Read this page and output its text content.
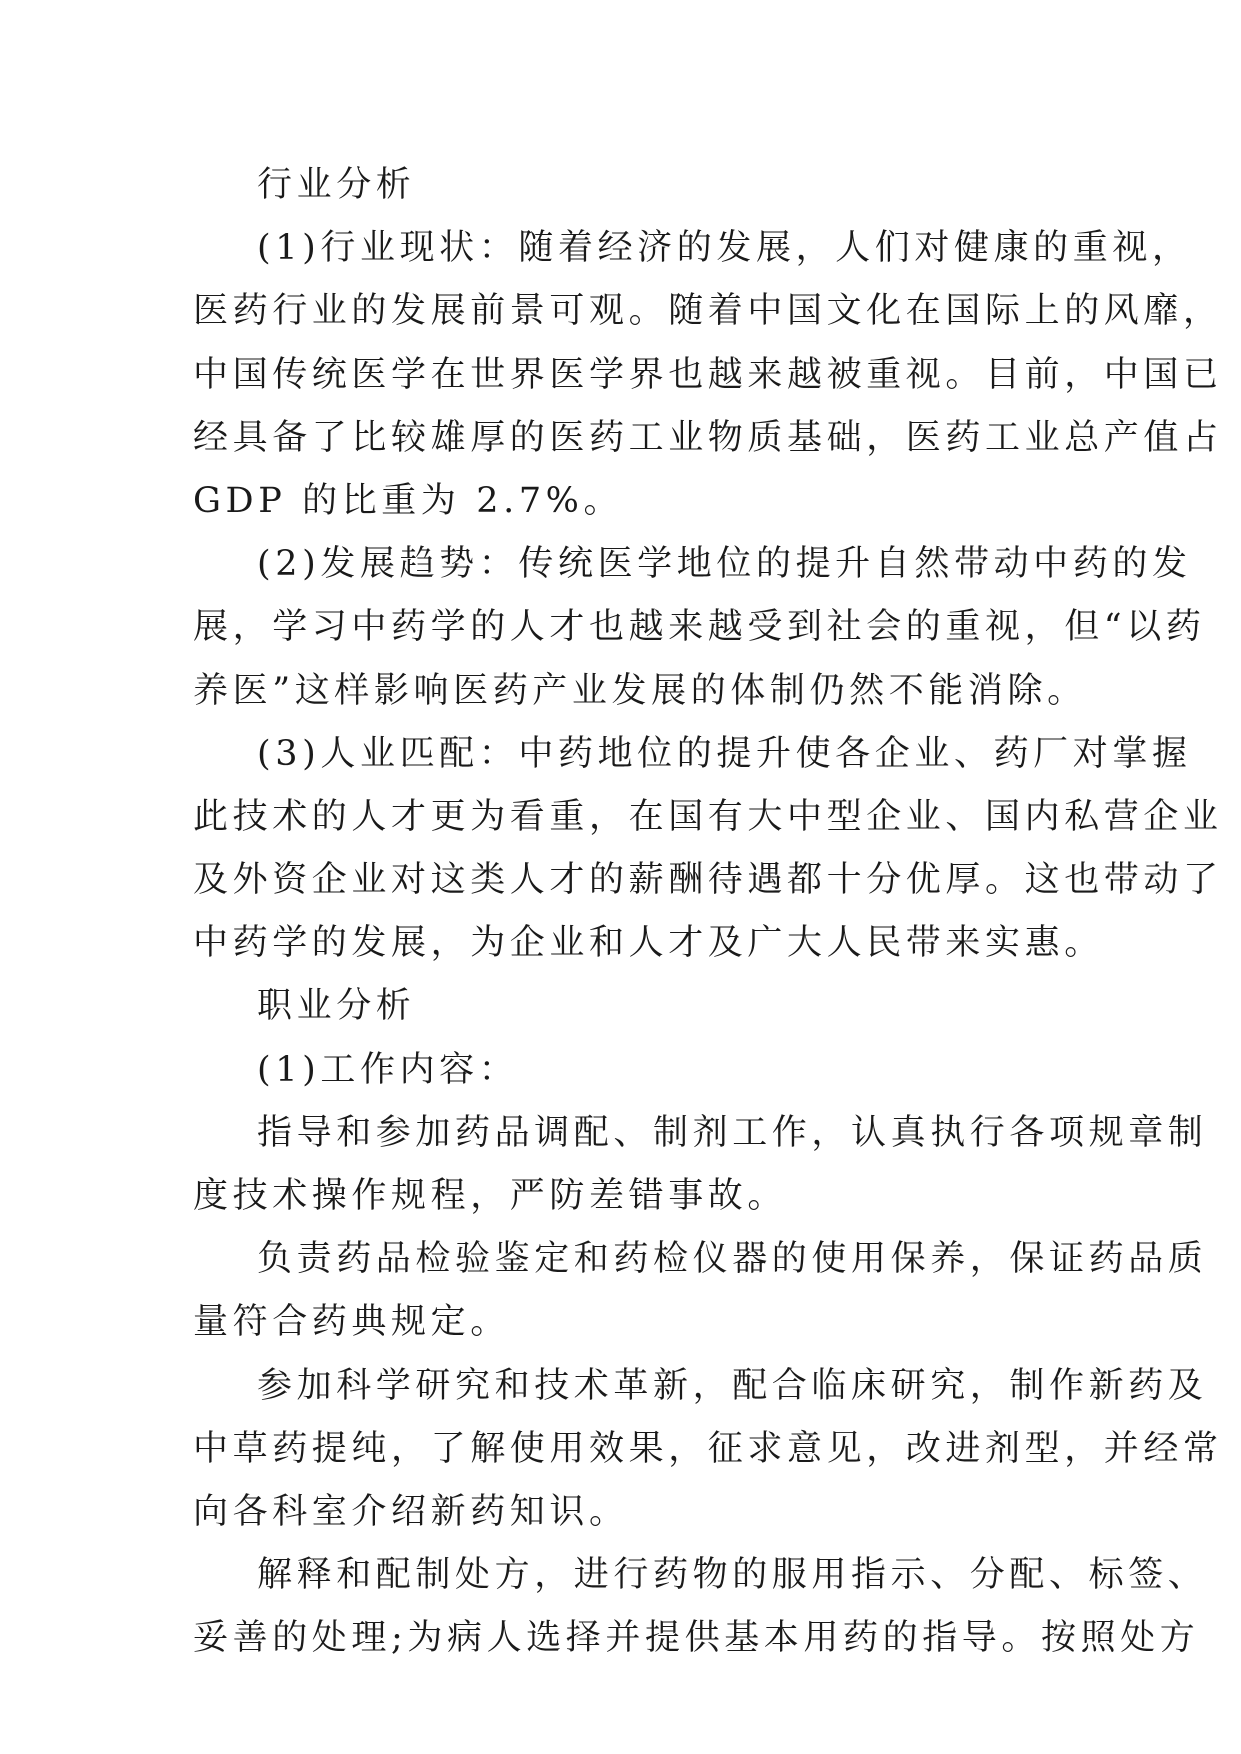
行业分析

(1)行业现状：随着经济的发展，人们对健康的重视，

医药行业的发展前景可观。随着中国文化在国际上的风靡，

中国传统医学在世界医学界也越来越被重视。目前，中国已

经具备了比较雄厚的医药工业物质基础，医药工业总产值占

GDP 的比重为 2.7%。

(2)发展趋势：传统医学地位的提升自然带动中药的发

展，学习中药学的人才也越来越受到社会的重视，但“以药

养医”这样影响医药产业发展的体制仍然不能消除。

(3)人业匹配：中药地位的提升使各企业、药厂对掌握

此技术的人才更为看重，在国有大中型企业、国内私营企业

及外资企业对这类人才的薪酬待遇都十分优厚。这也带动了

中药学的发展，为企业和人才及广大人民带来实惠。

职业分析

(1)工作内容：

指导和参加药品调配、制剂工作，认真执行各项规章制

度技术操作规程，严防差错事故。

负责药品检验鉴定和药检仪器的使用保养，保证药品质

量符合药典规定。

参加科学研究和技术革新，配合临床研究，制作新药及

中草药提纯，了解使用效果，征求意见，改进剂型，并经常

向各科室介绍新药知识。

解释和配制处方，进行药物的服用指示、分配、标签、

妥善的处理;为病人选择并提供基本用药的指导。按照处方
